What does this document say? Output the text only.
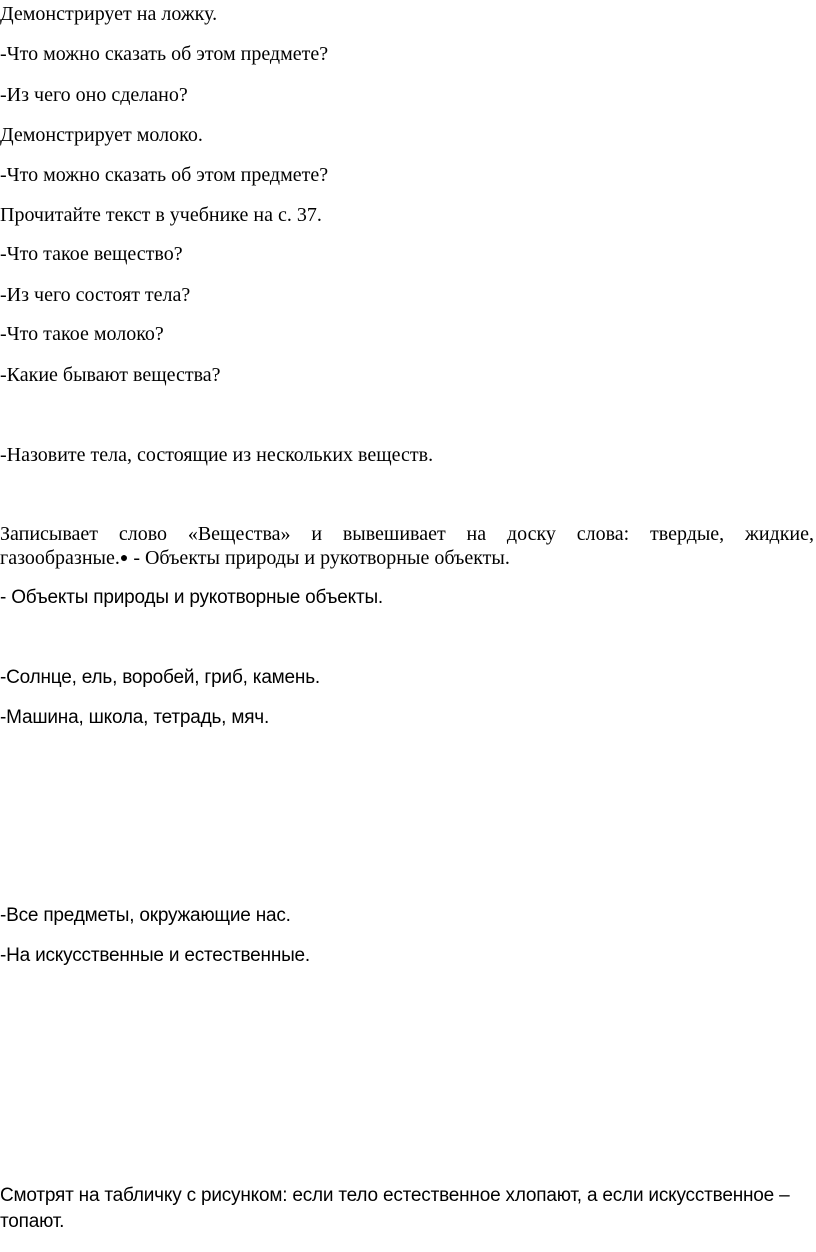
Демонстрирует на ложку.

-Что можно сказать об этом предмете?

-Из чего оно сделано?

Демонстрирует молоко.

-Что можно сказать об этом предмете?

Прочитайте текст в учебнике на с. 37.

-Что такое вещество?

-Из чего состоят тела?

-Что такое молоко?

-Какие бывают вещества?

-Назовите тела, состоящие из нескольких веществ.

Записывает слово «Вещества» и вывешивает на доску слова: твердые, жидкие,
газообразные.● - Объекты природы и рукотворные объекты.

- Объекты природы и рукотворные объекты.

-Солнце, ель, воробей, гриб, камень.

-Машина, школа, тетрадь, мяч.

-Все предметы, окружающие нас.

-На искусственные и естественные.

Смотрят на табличку с рисунком: если тело естественное хлопают, а если искусственное –

топают.
